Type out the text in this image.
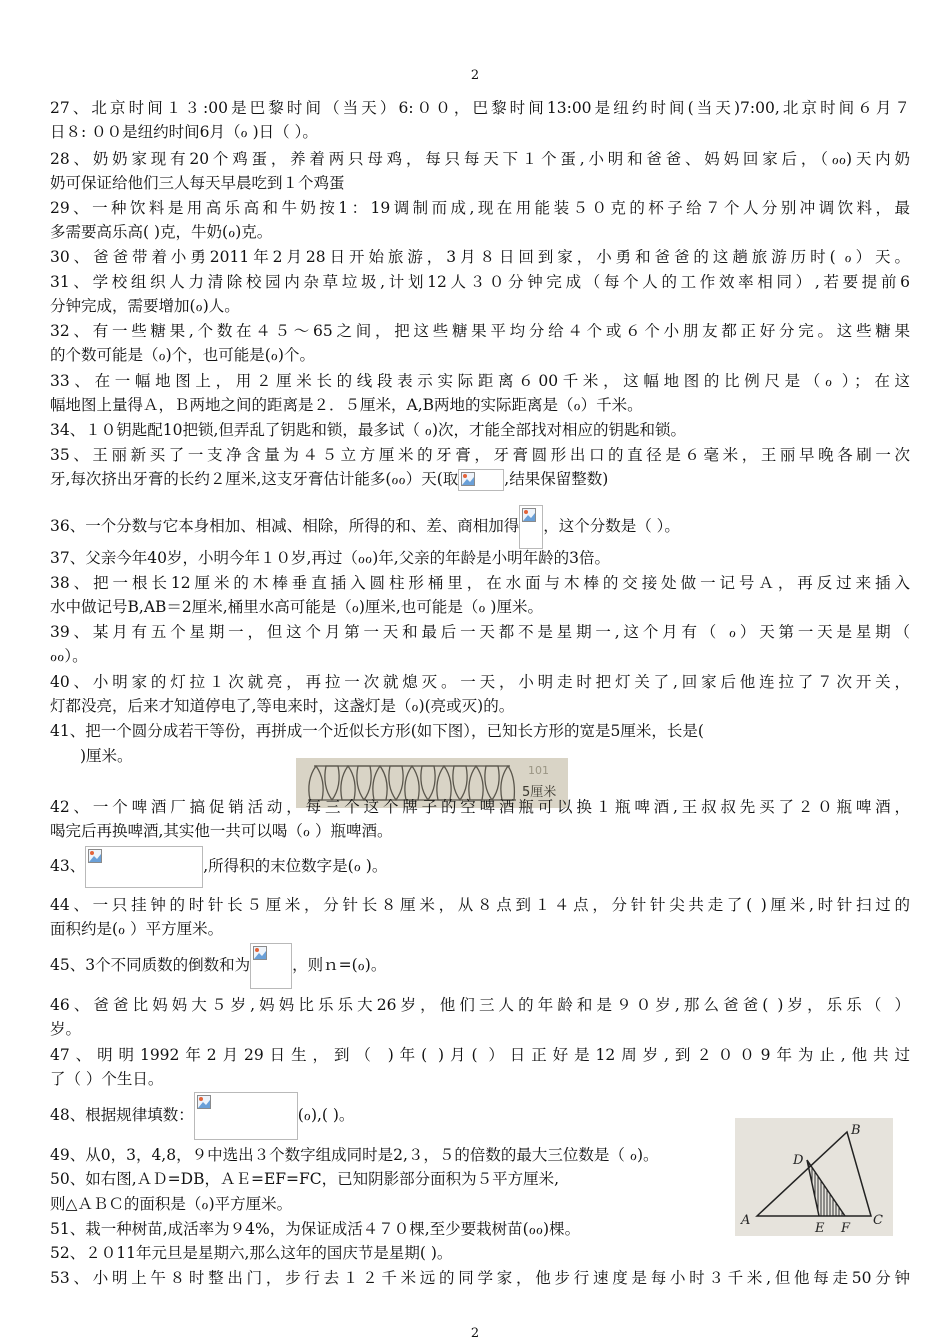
2
27、北京时间１３:00是巴黎时间（当天）6:００，巴黎时间13:00是纽约时间(当天)7:00,北京时间６月７
日８: ００是纽约时间6月（ℴ )日（ ）。
28、奶奶家现有20个鸡蛋，养着两只母鸡，每只每天下１个蛋,小明和爸爸、妈妈回家后，（ℴℴ)天内奶
奶可保证给他们三人每天早晨吃到１个鸡蛋
29、一种饮料是用高乐高和牛奶按1：19调制而成,现在用能装５０克的杯子给７个人分别冲调饮料，最
多需要高乐高( )克，牛奶(ℴ)克。
30、爸爸带着小勇2011年2月28日开始旅游，3月８日回到家，小勇和爸爸的这趟旅游历时( ℴ）天。
31、学校组织人力清除校园内杂草垃圾,计划12人３０分钟完成（每个人的工作效率相同）,若要提前6
分钟完成，需要增加(ℴ)人。
32、有一些糖果,个数在４５～65之间，把这些糖果平均分给４个或６个小朋友都正好分完。这些糖果
的个数可能是（ℴ)个，也可能是(ℴ)个。
33、在一幅地图上，用２厘米长的线段表示实际距离６00千米，这幅地图的比例尺是（ℴ ）；在这
幅地图上量得Ａ，Ｂ两地之间的距离是２．５厘米，A,B两地的实际距离是（ℴ）千米。
34、１０钥匙配10把锁,但弄乱了钥匙和锁，最多试（ ℴ)次，才能全部找对相应的钥匙和锁。
35、王丽新买了一支净含量为４５立方厘米的牙膏，牙膏圆形出口的直径是６毫米，王丽早晚各刷一次
牙,每次挤出牙膏的长约２厘米,这支牙膏估计能多(ℴℴ）天(取	,结果保留整数)
36、一个分数与它本身相加、相减、相除，所得的和、差、商相加得 ，这个分数是（ ）。
37、父亲今年40岁，小明今年１０岁,再过（ℴℴ)年,父亲的年龄是小明年龄的3倍。
38、把一根长12厘米的木棒垂直插入圆柱形桶里，在水面与木棒的交接处做一记号Ａ，再反过来插入
水中做记号B,AB＝2厘米,桶里水高可能是（ℴ)厘米,也可能是（ℴ )厘米。
39、某月有五个星期一，但这个月第一天和最后一天都不是星期一,这个月有（ ℴ）天第一天是星期（
ℴℴ）。
40、小明家的灯拉１次就亮，再拉一次就熄灭。一天，小明走时把灯关了,回家后他连拉了７次开关，
灯都没亮，后来才知道停电了,等电来时，这盏灯是（ℴ)(亮或灭)的。
41、把一个圆分成若干等份，再拼成一个近似长方形(如下图），已知长方形的宽是5厘米，长是(
)厘米。
101
5厘米
42、一个啤酒厂搞促销活动，每三个这个牌子的空啤酒瓶可以换１瓶啤酒,王叔叔先买了２０瓶啤酒，
喝完后再换啤酒,其实他一共可以喝（ℴ ）瓶啤酒。
43、	,所得积的末位数字是(ℴ )。
44、一只挂钟的时针长５厘米，分针长８厘米，从８点到１４点，分针针尖共走了( )厘米,时针扫过的
面积约是(ℴ ）平方厘米。
45、3个不同质数的倒数和为	，则ｎ=(ℴ)。
46、爸爸比妈妈大５岁,妈妈比乐乐大26岁，他们三人的年龄和是９０岁,那么爸爸( )岁，乐乐（ ）
岁。
47、明明1992年2月29日生，到（ )年( )月( ）日正好是12周岁,到２００9年为止,他共过
了（ ）个生日。
48、根据规律填数：	(ℴ),( )。
49、从0，3，4,8，９中选出３个数字组成同时是2,３，５的倍数的最大三位数是（ ℴ)。
50、如右图,ＡＤ=DB，ＡＥ=EF=FC，已知阴影部分面积为５平方厘米,
则△ＡＢＣ的面积是（ℴ)平方厘米。
A
B
C
D
E F
51、栽一种树苗,成活率为９4%，为保证成活４７０棵,至少要栽树苗(ℴℴ)棵。
52、２０11年元旦是星期六,那么这年的国庆节是星期( )。
53、小明上午８时整出门，步行去１２千米远的同学家，他步行速度是每小时３千米,但他每走50分钟
2
